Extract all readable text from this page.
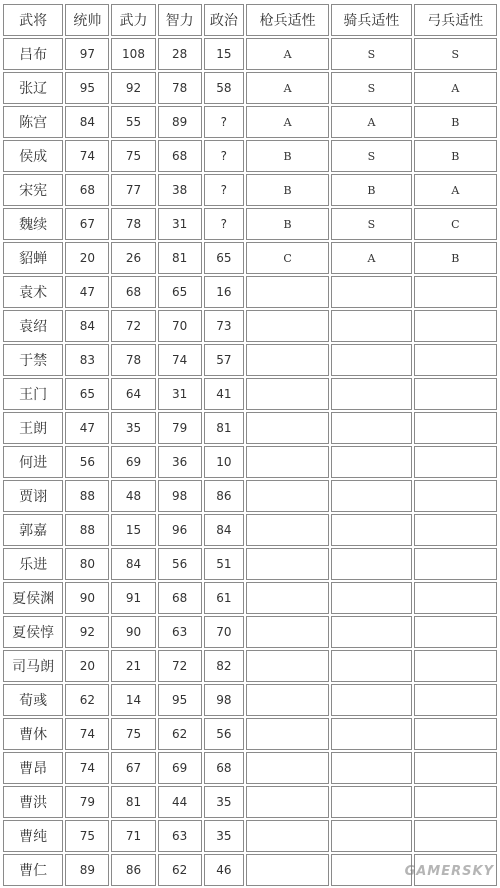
武将	统帅	武力	智力	政治	枪兵适性	骑兵适性	弓兵适性
吕布	97	108	28	15	A	S	S
张辽	95	92	78	58	A	S	A
陈宫	84	55	89	?	A	A	B
侯成	74	75	68	?	B	S	B
宋宪	68	77	38	?	B	B	A
魏续	67	78	31	?	B	S	C
貂蝉	20	26	81	65	C	A	B
袁术	47	68	65	16			
袁绍	84	72	70	73			
于禁	83	78	74	57			
王门	65	64	31	41			
王朗	47	35	79	81			
何进	56	69	36	10			
贾诩	88	48	98	86			
郭嘉	88	15	96	84			
乐进	80	84	56	51			
夏侯渊	90	91	68	61			
夏侯惇	92	90	63	70			
司马朗	20	21	72	82			
荀彧	62	14	95	98			
曹休	74	75	62	56			
曹昂	74	67	69	68			
曹洪	79	81	44	35			
曹纯	75	71	63	35			
曹仁	89	86	62	46				GAMERSKY
